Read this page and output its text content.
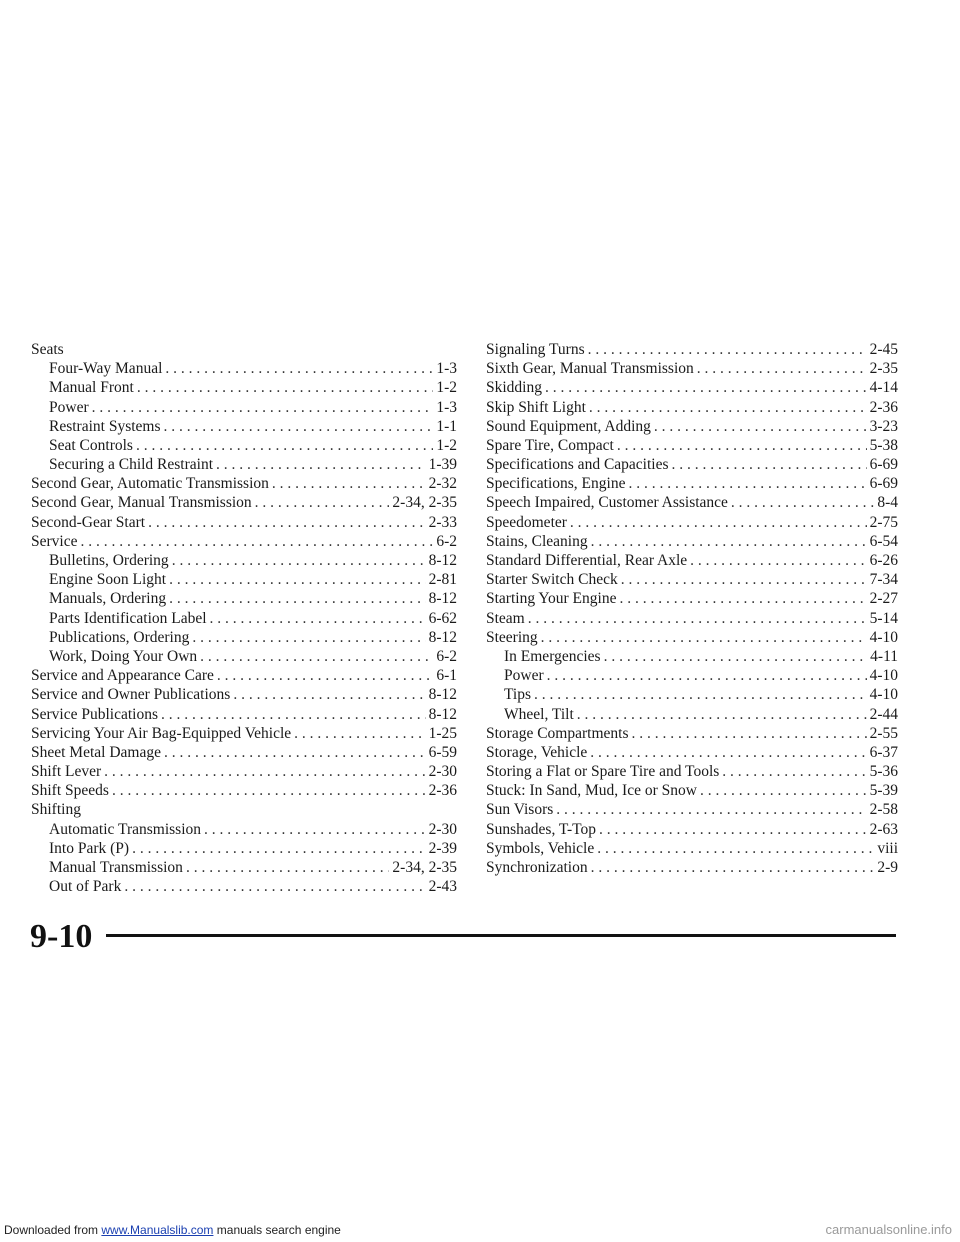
Seats
Four-Way Manual . . .	1-3
Manual Front . . .	1-2
Power . . .	1-3
Restraint Systems . . .	1-1
Seat Controls . . .	1-2
Securing a Child Restraint . . .	1-39
Second Gear, Automatic Transmission . . .	2-32
Second Gear, Manual Transmission . . .	2-34, 2-35
Second-Gear Start . . .	2-33
Service . . .	6-2
Bulletins, Ordering . . .	8-12
Engine Soon Light . . .	2-81
Manuals, Ordering . . .	8-12
Parts Identification Label . . .	6-62
Publications, Ordering . . .	8-12
Work, Doing Your Own . . .	6-2
Service and Appearance Care . . .	6-1
Service and Owner Publications . . .	8-12
Service Publications . . .	8-12
Servicing Your Air Bag-Equipped Vehicle . . .	1-25
Sheet Metal Damage . . .	6-59
Shift Lever . . .	2-30
Shift Speeds . . .	2-36
Shifting
Automatic Transmission . . .	2-30
Into Park (P) . . .	2-39
Manual Transmission . . .	2-34, 2-35
Out of Park . . .	2-43
Signaling Turns . . .	2-45
Sixth Gear, Manual Transmission . . .	2-35
Skidding . . .	4-14
Skip Shift Light . . .	2-36
Sound Equipment, Adding . . .	3-23
Spare Tire, Compact . . .	5-38
Specifications and Capacities . . .	6-69
Specifications, Engine . . .	6-69
Speech Impaired, Customer Assistance . . .	8-4
Speedometer . . .	2-75
Stains, Cleaning . . .	6-54
Standard Differential, Rear Axle . . .	6-26
Starter Switch Check . . .	7-34
Starting Your Engine . . .	2-27
Steam . . .	5-14
Steering . . .	4-10
In Emergencies . . .	4-11
Power . . .	4-10
Tips . . .	4-10
Wheel, Tilt . . .	2-44
Storage Compartments . . .	2-55
Storage, Vehicle . . .	6-37
Storing a Flat or Spare Tire and Tools . . .	5-36
Stuck: In Sand, Mud, Ice or Snow . . .	5-39
Sun Visors . . .	2-58
Sunshades, T-Top . . .	2-63
Symbols, Vehicle . . .	viii
Synchronization . . .	2-9
9-10
Downloaded from www.Manualslib.com manuals search engine	carmanualsonline.info
